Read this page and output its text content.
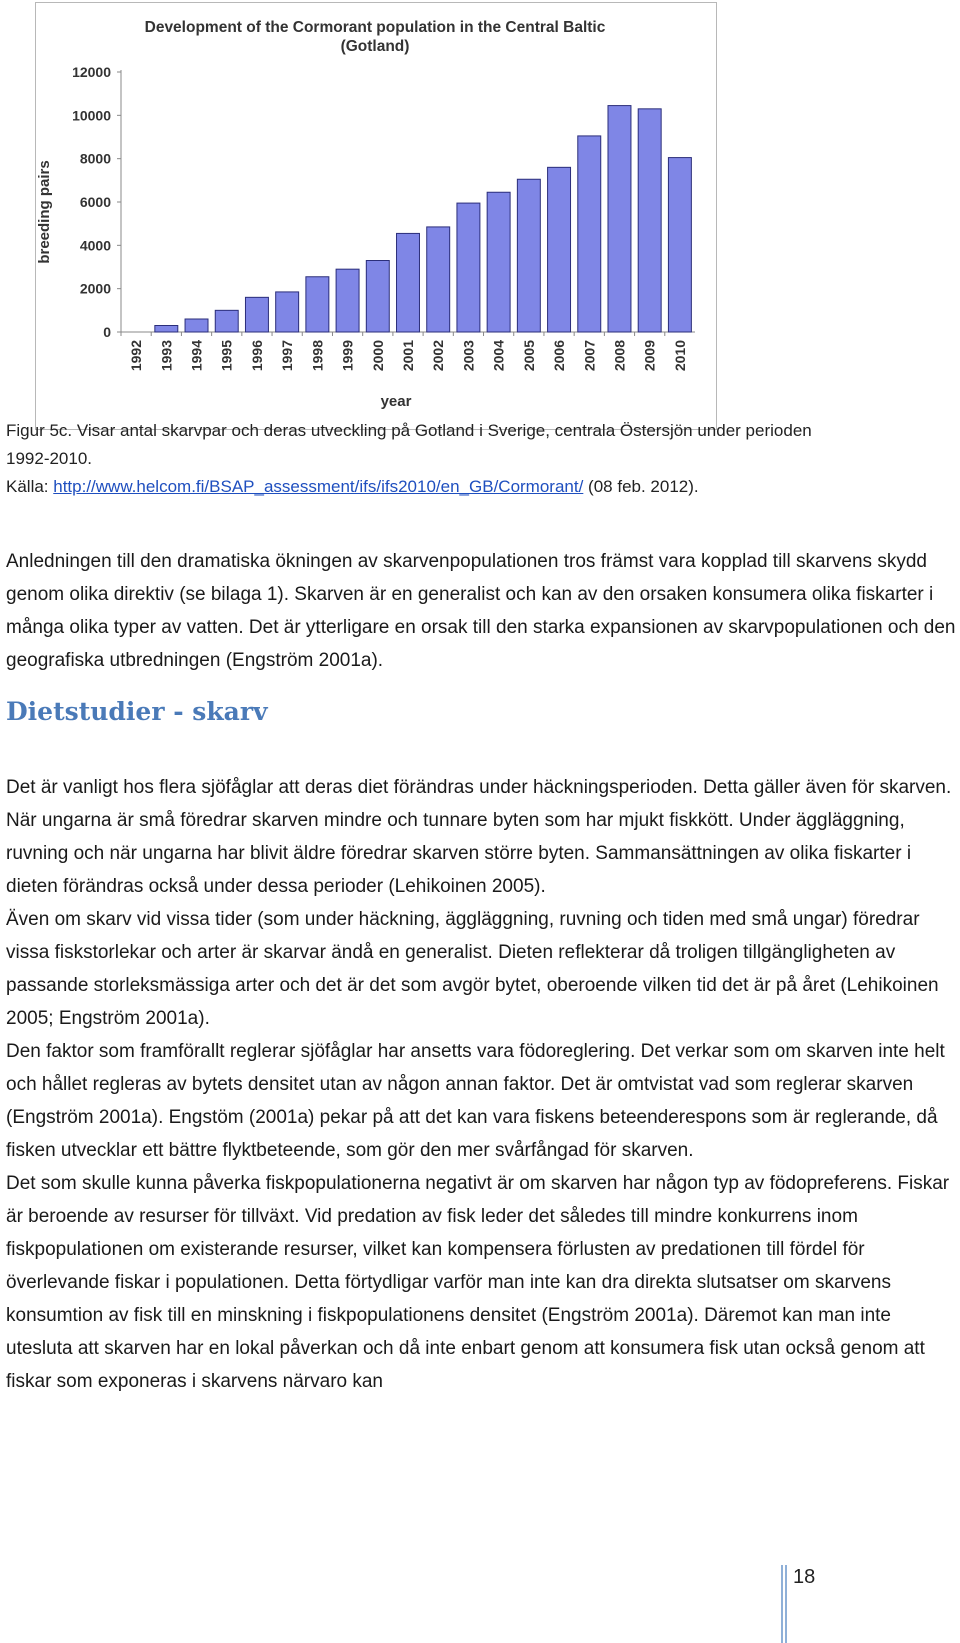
Development of the Cormorant population in the Central Baltic
(Gotland)
breeding pairs
year
0
2000
4000
6000
8000
10000
12000
1992 1993 1994 1995 1996 1997 1998 1999 2000 2001 2002 2003 2004 2005 2006 2007 2008 2009 2010
Figur 5c. Visar antal skarvpar och deras utveckling på Gotland i Sverige, centrala Östersjön under perioden
1992-2010.
Källa: http://www.helcom.fi/BSAP_assessment/ifs/ifs2010/en_GB/Cormorant/ (08 feb. 2012).

Anledningen till den dramatiska ökningen av skarvenpopulationen tros främst vara kopplad till skarvens skydd genom olika direktiv (se bilaga 1). Skarven är en generalist och kan av den orsaken konsumera olika fiskarter i många olika typer av vatten. Det är ytterligare en orsak till den starka expansionen av skarvpopulationen och den geografiska utbredningen (Engström 2001a).

Dietstudier - skarv

Det är vanligt hos flera sjöfåglar att deras diet förändras under häckningsperioden. Detta gäller även för skarven. När ungarna är små föredrar skarven mindre och tunnare byten som har mjukt fiskkött. Under äggläggning, ruvning och när ungarna har blivit äldre föredrar skarven större byten. Sammansättningen av olika fiskarter i dieten förändras också under dessa perioder (Lehikoinen 2005).

Även om skarv vid vissa tider (som under häckning, äggläggning, ruvning och tiden med små ungar) föredrar vissa fiskstorlekar och arter är skarvar ändå en generalist. Dieten reflekterar då troligen tillgängligheten av passande storleksmässiga arter och det är det som avgör bytet, oberoende vilken tid det är på året (Lehikoinen 2005; Engström 2001a).

Den faktor som framförallt reglerar sjöfåglar har ansetts vara födoreglering. Det verkar som om skarven inte helt och hållet regleras av bytets densitet utan av någon annan faktor. Det är omtvistat vad som reglerar skarven (Engström 2001a). Engstöm (2001a) pekar på att det kan vara fiskens beteenderespons som är reglerande, då fisken utvecklar ett bättre flyktbeteende, som gör den mer svårfångad för skarven.

Det som skulle kunna påverka fiskpopulationerna negativt är om skarven har någon typ av födopreferens. Fiskar är beroende av resurser för tillväxt. Vid predation av fisk leder det således till mindre konkurrens inom fiskpopulationen om existerande resurser, vilket kan kompensera förlusten av predationen till fördel för överlevande fiskar i populationen. Detta förtydligar varför man inte kan dra direkta slutsatser om skarvens konsumtion av fisk till en minskning i fiskpopulationens densitet (Engström 2001a). Däremot kan man inte utesluta att skarven har en lokal påverkan och då inte enbart genom att konsumera fisk utan också genom att fiskar som exponeras i skarvens närvaro kan

18
